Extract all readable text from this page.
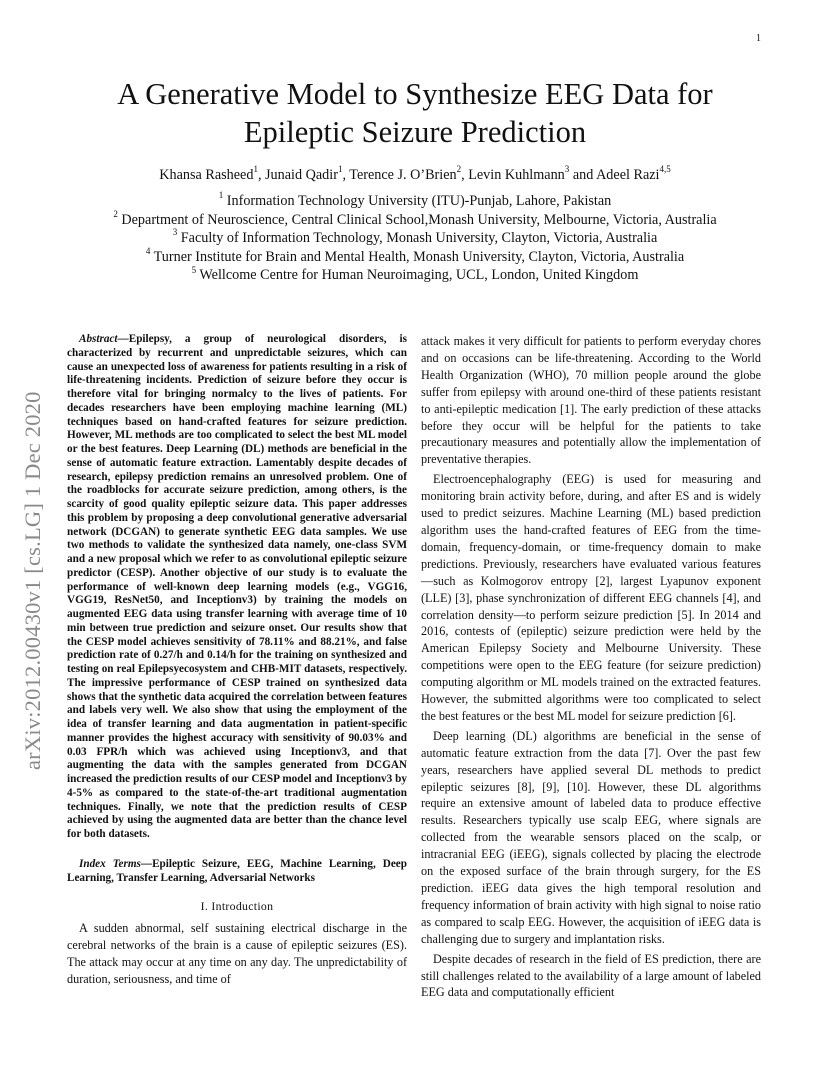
1
arXiv:2012.00430v1 [cs.LG] 1 Dec 2020
A Generative Model to Synthesize EEG Data for
Epileptic Seizure Prediction
Khansa Rasheed$^1$, Junaid Qadir$^1$, Terence J. O’Brien$^2$, Levin Kuhlmann$^3$ and Adeel Razi$^{4,5}$
$^1$ Information Technology University (ITU)-Punjab, Lahore, Pakistan
$^2$ Department of Neuroscience, Central Clinical School,Monash University, Melbourne, Victoria, Australia
$^3$ Faculty of Information Technology, Monash University, Clayton, Victoria, Australia
$^4$ Turner Institute for Brain and Mental Health, Monash University, Clayton, Victoria, Australia
$^5$ Wellcome Centre for Human Neuroimaging, UCL, London, United Kingdom

Abstract—Epilepsy, a group of neurological disorders, is characterized by recurrent and unpredictable seizures, which can cause an unexpected loss of awareness for patients resulting in a risk of life-threatening incidents. Prediction of seizure before they occur is therefore vital for bringing normalcy to the lives of patients. For decades researchers have been employing machine learning (ML) techniques based on hand-crafted features for seizure prediction. However, ML methods are too complicated to select the best ML model or the best features. Deep Learning (DL) methods are beneficial in the sense of automatic feature extraction. Lamentably despite decades of research, epilepsy prediction remains an unresolved problem. One of the roadblocks for accurate seizure prediction, among others, is the scarcity of good quality epileptic seizure data. This paper addresses this problem by proposing a deep convolutional generative adversarial network (DCGAN) to generate synthetic EEG data samples. We use two methods to validate the synthesized data namely, one-class SVM and a new proposal which we refer to as convolutional epileptic seizure predictor (CESP). Another objective of our study is to evaluate the performance of well-known deep learning models (e.g., VGG16, VGG19, ResNet50, and Inceptionv3) by training the models on augmented EEG data using transfer learning with average time of 10 min between true prediction and seizure onset. Our results show that the CESP model achieves sensitivity of 78.11% and 88.21%, and false prediction rate of 0.27/h and 0.14/h for the training on synthesized and testing on real Epilepsyecosystem and CHB-MIT datasets, respectively. The impressive performance of CESP trained on synthesized data shows that the synthetic data acquired the correlation between features and labels very well. We also show that using the employment of the idea of transfer learning and data augmentation in patient-specific manner provides the highest accuracy with sensitivity of 90.03% and 0.03 FPR/h which was achieved using Inceptionv3, and that augmenting the data with the samples generated from DCGAN increased the prediction results of our CESP model and Inceptionv3 by 4-5% as compared to the state-of-the-art traditional augmentation techniques. Finally, we note that the prediction results of CESP achieved by using the augmented data are better than the chance level for both datasets.

Index Terms—Epileptic Seizure, EEG, Machine Learning, Deep Learning, Transfer Learning, Adversarial Networks

I. Introduction

A sudden abnormal, self sustaining electrical discharge in the cerebral networks of the brain is a cause of epileptic seizures (ES). The attack may occur at any time on any day. The unpredictability of duration, seriousness, and time of

attack makes it very difficult for patients to perform everyday chores and on occasions can be life-threatening. According to the World Health Organization (WHO), 70 million people around the globe suffer from epilepsy with around one-third of these patients resistant to anti-epileptic medication [1]. The early prediction of these attacks before they occur will be helpful for the patients to take precautionary measures and potentially allow the implementation of preventative therapies.

Electroencephalography (EEG) is used for measuring and monitoring brain activity before, during, and after ES and is widely used to predict seizures. Machine Learning (ML) based prediction algorithm uses the hand-crafted features of EEG from the time-domain, frequency-domain, or time-frequency domain to make predictions. Previously, researchers have evaluated various features—such as Kolmogorov entropy [2], largest Lyapunov exponent (LLE) [3], phase synchronization of different EEG channels [4], and correlation density—to perform seizure prediction [5]. In 2014 and 2016, contests of (epileptic) seizure prediction were held by the American Epilepsy Society and Melbourne University. These competitions were open to the EEG feature (for seizure prediction) computing algorithm or ML models trained on the extracted features. However, the submitted algorithms were too complicated to select the best features or the best ML model for seizure prediction [6].

Deep learning (DL) algorithms are beneficial in the sense of automatic feature extraction from the data [7]. Over the past few years, researchers have applied several DL methods to predict epileptic seizures [8], [9], [10]. However, these DL algorithms require an extensive amount of labeled data to produce effective results. Researchers typically use scalp EEG, where signals are collected from the wearable sensors placed on the scalp, or intracranial EEG (iEEG), signals collected by placing the electrode on the exposed surface of the brain through surgery, for the ES prediction. iEEG data gives the high temporal resolution and frequency information of brain activity with high signal to noise ratio as compared to scalp EEG. However, the acquisition of iEEG data is challenging due to surgery and implantation risks.

Despite decades of research in the field of ES prediction, there are still challenges related to the availability of a large amount of labeled EEG data and computationally efficient
